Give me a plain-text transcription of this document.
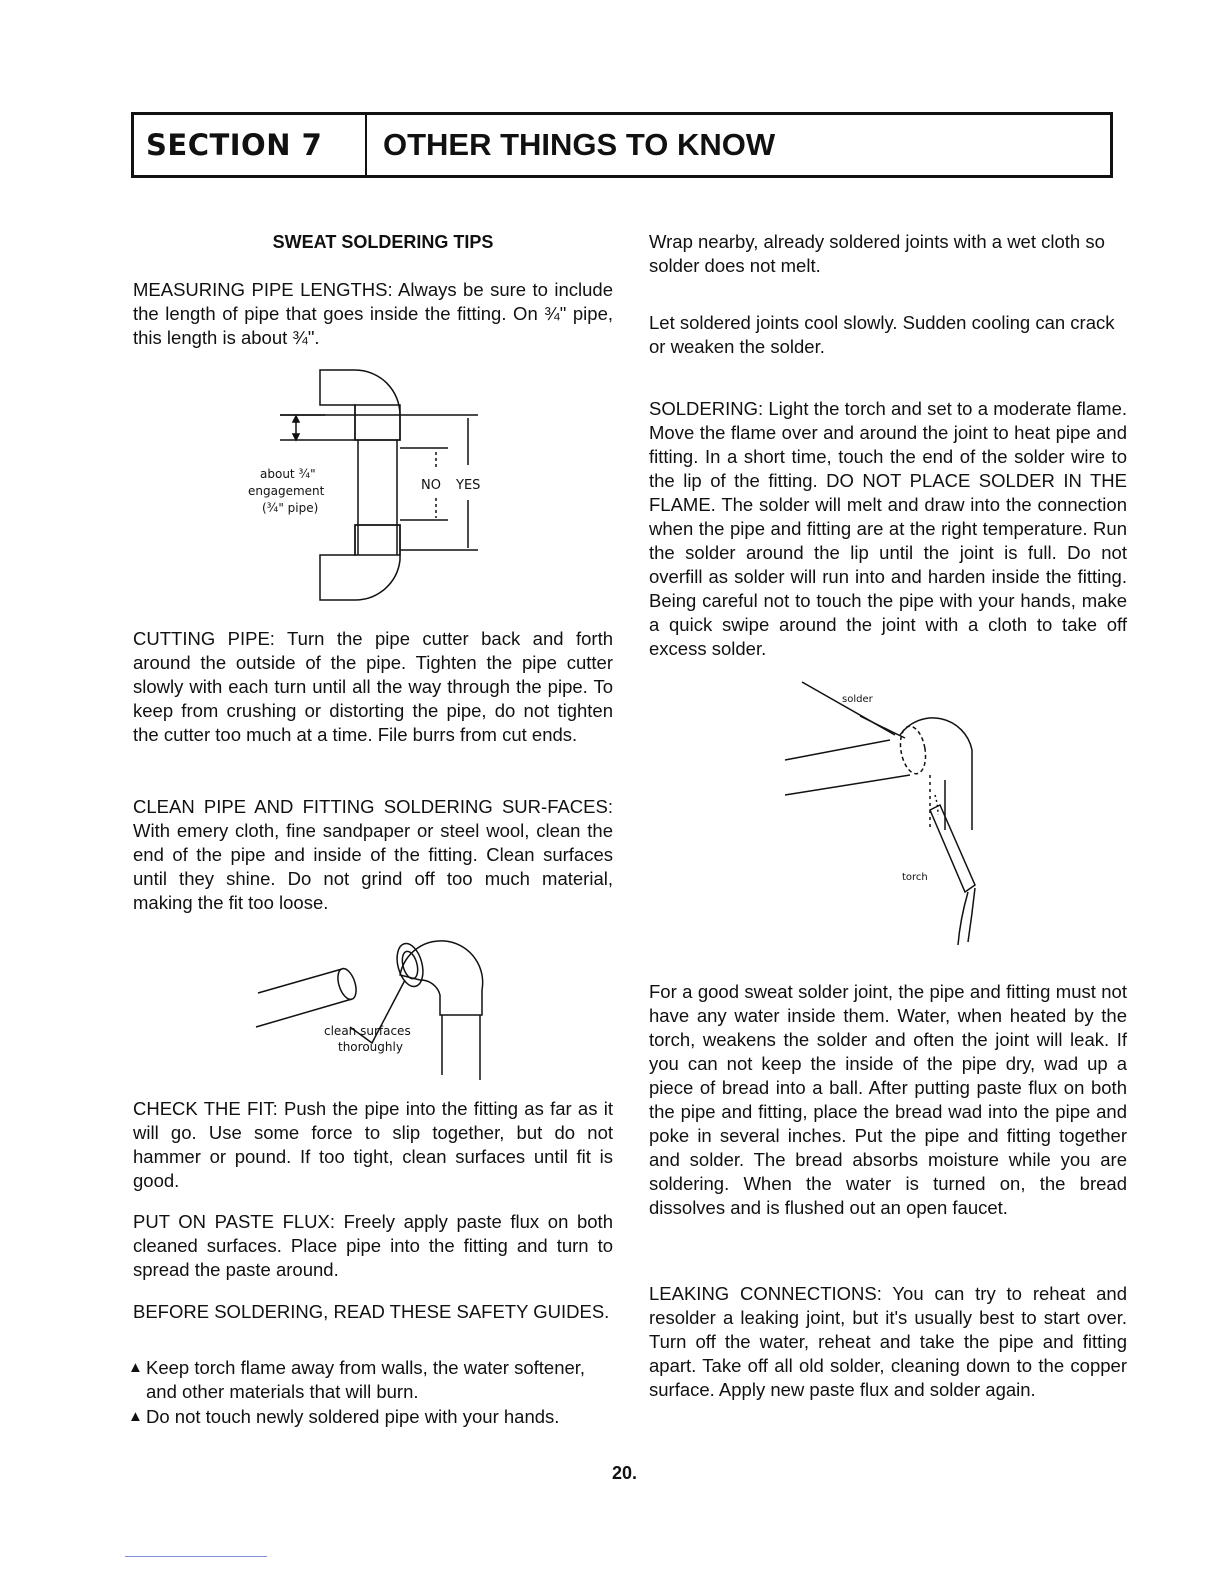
SECTION 7	OTHER THINGS TO KNOW

SWEAT SOLDERING TIPS

MEASURING PIPE LENGTHS: Always be sure to include the length of pipe that goes inside the fitting. On ¾" pipe, this length is about ¾".

about ¾"
engagement
(¾" pipe)
NO YES

CUTTING PIPE: Turn the pipe cutter back and forth around the outside of the pipe. Tighten the pipe cutter slowly with each turn until all the way through the pipe. To keep from crushing or distorting the pipe, do not tighten the cutter too much at a time. File burrs from cut ends.

CLEAN PIPE AND FITTING SOLDERING SUR-FACES: With emery cloth, fine sandpaper or steel wool, clean the end of the pipe and inside of the fitting. Clean surfaces until they shine. Do not grind off too much material, making the fit too loose.

clean surfaces
thoroughly

CHECK THE FIT: Push the pipe into the fitting as far as it will go. Use some force to slip together, but do not hammer or pound. If too tight, clean surfaces until fit is good.

PUT ON PASTE FLUX: Freely apply paste flux on both cleaned surfaces. Place pipe into the fitting and turn to spread the paste around.

BEFORE SOLDERING, READ THESE SAFETY GUIDES.

▲ Keep torch flame away from walls, the water softener, and other materials that will burn.
▲ Do not touch newly soldered pipe with your hands.

Wrap nearby, already soldered joints with a wet cloth so solder does not melt.

Let soldered joints cool slowly. Sudden cooling can crack or weaken the solder.

SOLDERING: Light the torch and set to a moderate flame. Move the flame over and around the joint to heat pipe and fitting. In a short time, touch the end of the solder wire to the lip of the fitting. DO NOT PLACE SOLDER IN THE FLAME. The solder will melt and draw into the connection when the pipe and fitting are at the right temperature. Run the solder around the lip until the joint is full. Do not overfill as solder will run into and harden inside the fitting. Being careful not to touch the pipe with your hands, make a quick swipe around the joint with a cloth to take off excess solder.

solder
torch

For a good sweat solder joint, the pipe and fitting must not have any water inside them. Water, when heated by the torch, weakens the solder and often the joint will leak. If you can not keep the inside of the pipe dry, wad up a piece of bread into a ball. After putting paste flux on both the pipe and fitting, place the bread wad into the pipe and poke in several inches. Put the pipe and fitting together and solder. The bread absorbs moisture while you are soldering. When the water is turned on, the bread dissolves and is flushed out an open faucet.

LEAKING CONNECTIONS: You can try to reheat and resolder a leaking joint, but it's usually best to start over. Turn off the water, reheat and take the pipe and fitting apart. Take off all old solder, cleaning down to the copper surface. Apply new paste flux and solder again.

20.
